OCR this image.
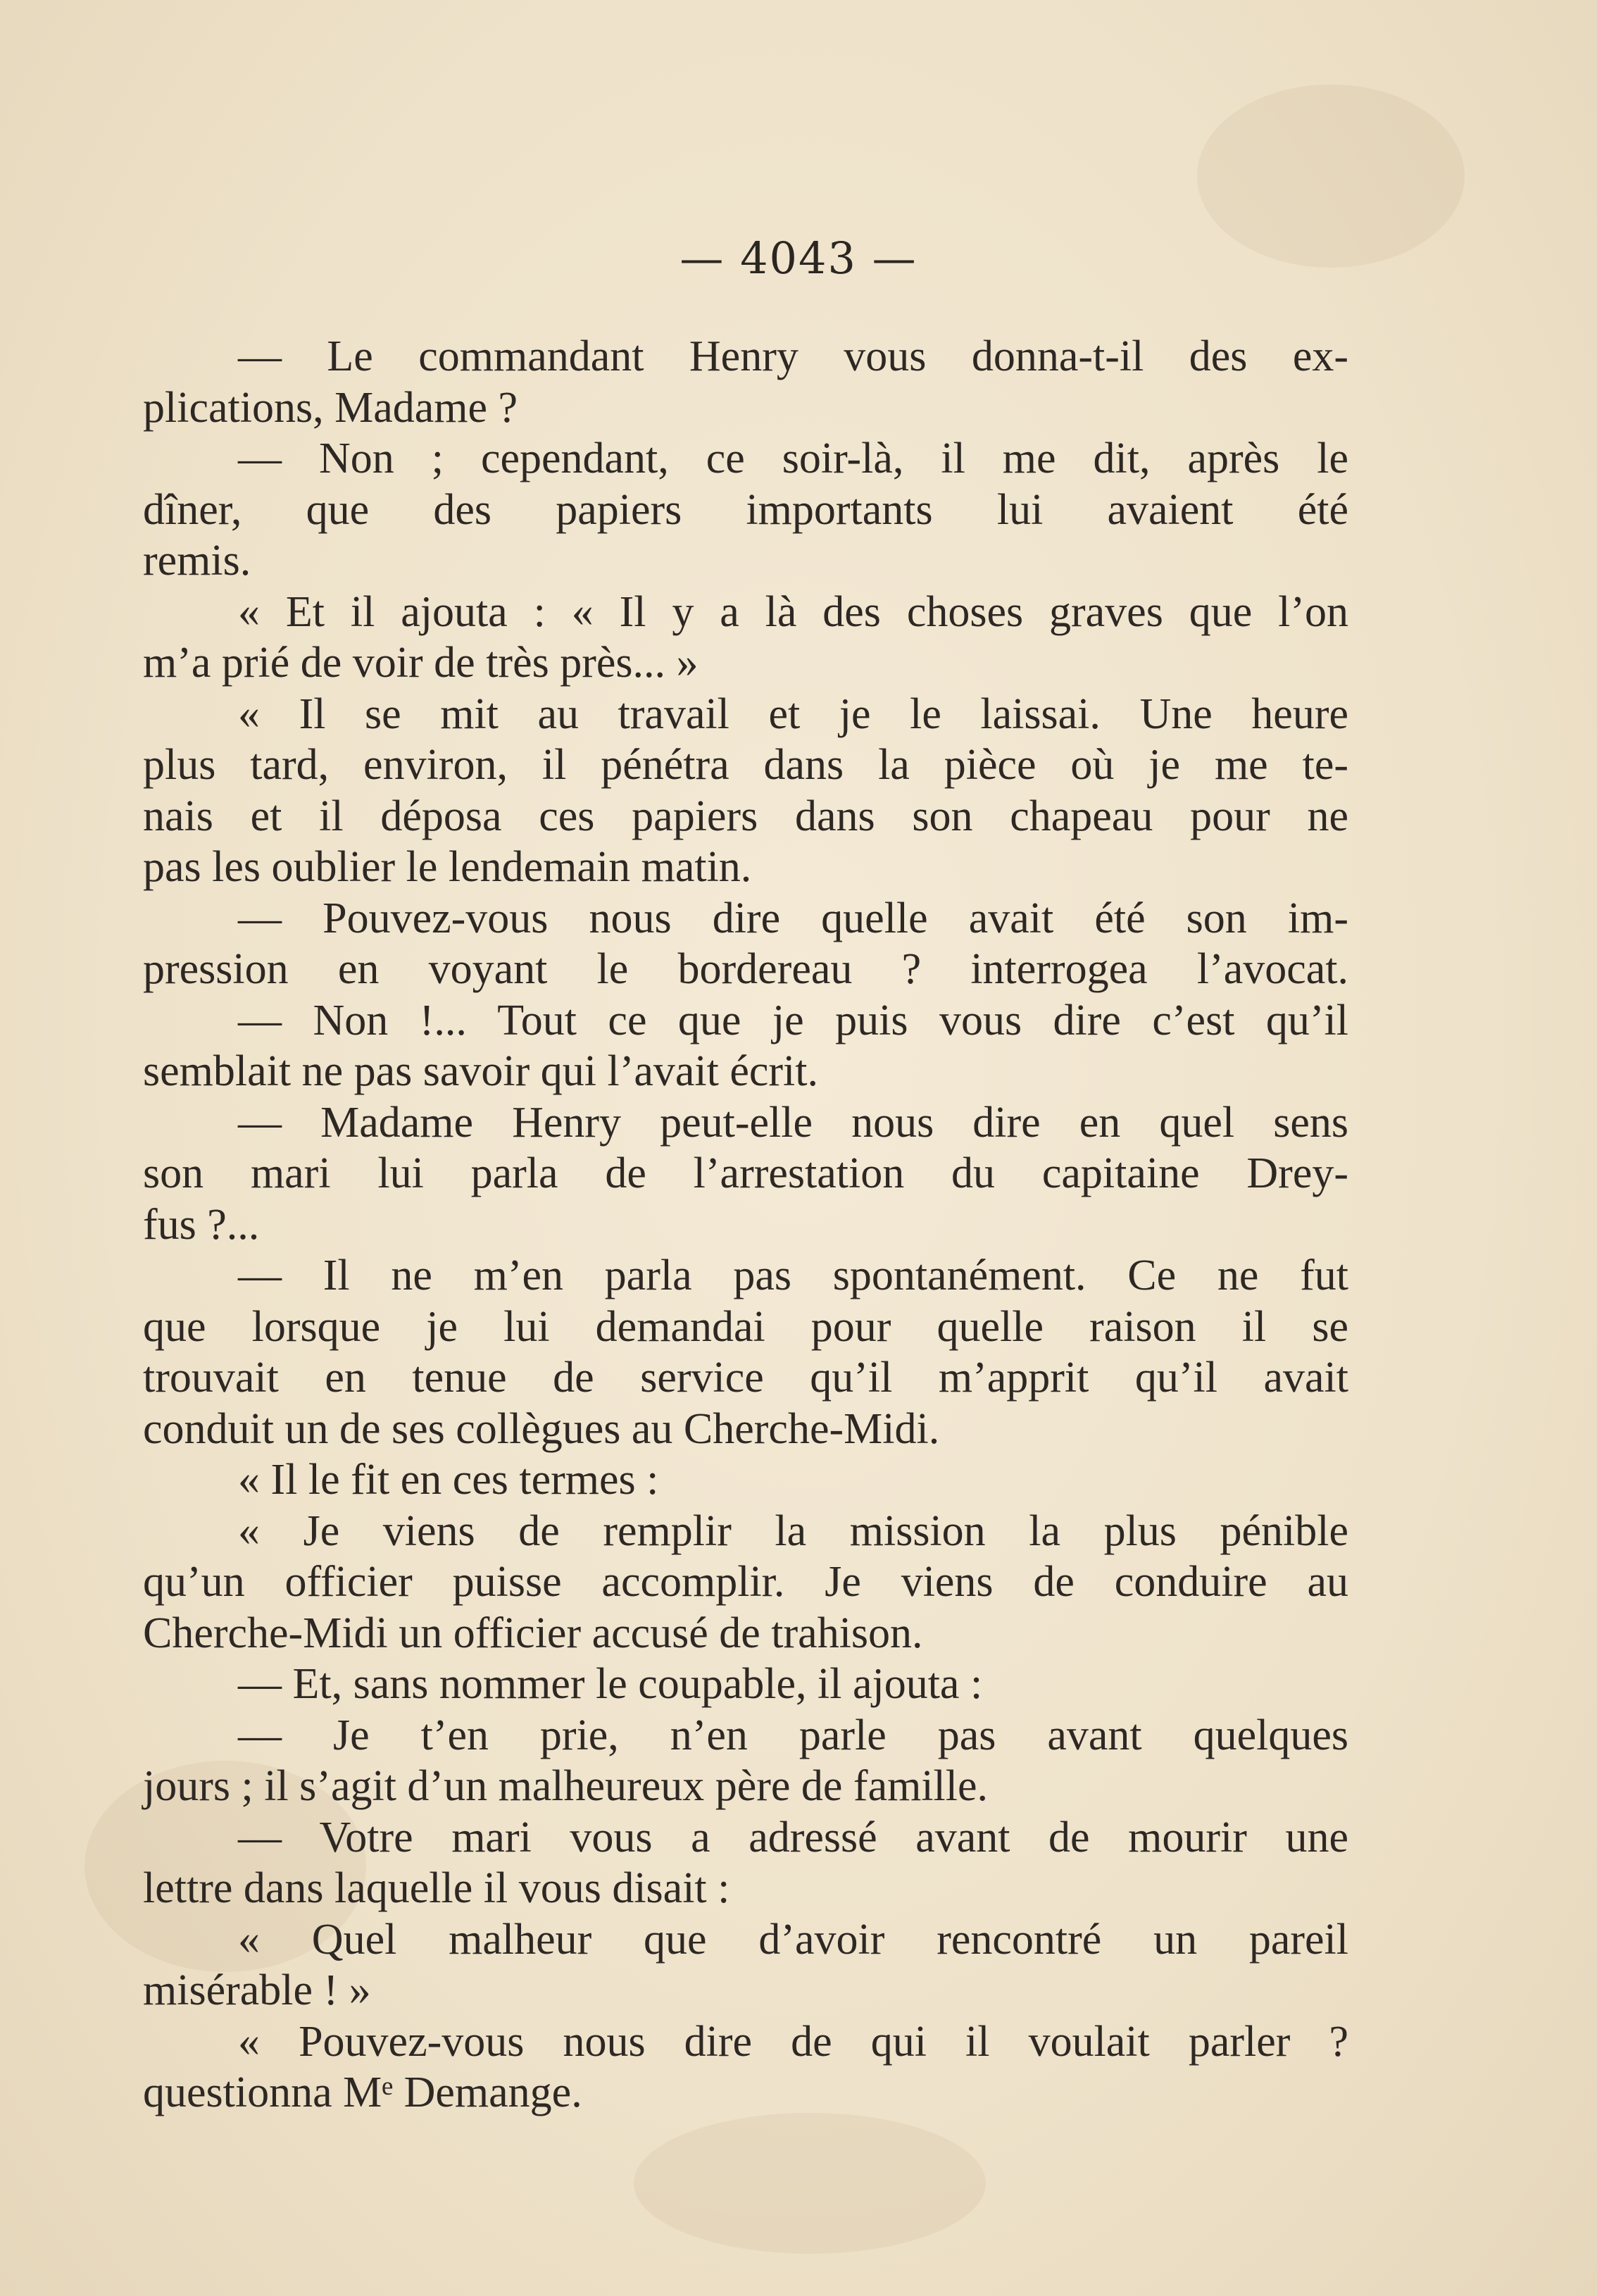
— 4043 —
— Le commandant Henry vous donna-t-il des ex-
plications, Madame ?
— Non ; cependant, ce soir-là, il me dit, après le
dîner, que des papiers importants lui avaient été
remis.
« Et il ajouta : « Il y a là des choses graves que l’on
m’a prié de voir de très près... »
« Il se mit au travail et je le laissai. Une heure
plus tard, environ, il pénétra dans la pièce où je me te-
nais et il déposa ces papiers dans son chapeau pour ne
pas les oublier le lendemain matin.
— Pouvez-vous nous dire quelle avait été son im-
pression en voyant le bordereau ? interrogea l’avocat.
— Non !... Tout ce que je puis vous dire c’est qu’il
semblait ne pas savoir qui l’avait écrit.
— Madame Henry peut-elle nous dire en quel sens
son mari lui parla de l’arrestation du capitaine Drey-
fus ?...
— Il ne m’en parla pas spontanément. Ce ne fut
que lorsque je lui demandai pour quelle raison il se
trouvait en tenue de service qu’il m’apprit qu’il avait
conduit un de ses collègues au Cherche-Midi.
« Il le fit en ces termes :
« Je viens de remplir la mission la plus pénible
qu’un officier puisse accomplir. Je viens de conduire au
Cherche-Midi un officier accusé de trahison.
— Et, sans nommer le coupable, il ajouta :
— Je t’en prie, n’en parle pas avant quelques
jours ; il s’agit d’un malheureux père de famille.
— Votre mari vous a adressé avant de mourir une
lettre dans laquelle il vous disait :
« Quel malheur que d’avoir rencontré un pareil
misérable ! »
« Pouvez-vous nous dire de qui il voulait parler ?
questionna Mᵉ Demange.
